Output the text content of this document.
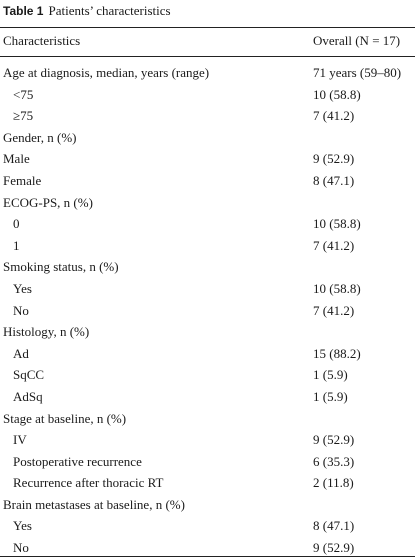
Table 1 Patients’ characteristics
Characteristics	Overall (N = 17)
Age at diagnosis, median, years (range)	71 years (59–80)
<75	10 (58.8)
≥75	7 (41.2)
Gender, n (%)
Male	9 (52.9)
Female	8 (47.1)
ECOG-PS, n (%)
0	10 (58.8)
1	7 (41.2)
Smoking status, n (%)
Yes	10 (58.8)
No	7 (41.2)
Histology, n (%)
Ad	15 (88.2)
SqCC	1 (5.9)
AdSq	1 (5.9)
Stage at baseline, n (%)
IV	9 (52.9)
Postoperative recurrence	6 (35.3)
Recurrence after thoracic RT	2 (11.8)
Brain metastases at baseline, n (%)
Yes	8 (47.1)
No	9 (52.9)
